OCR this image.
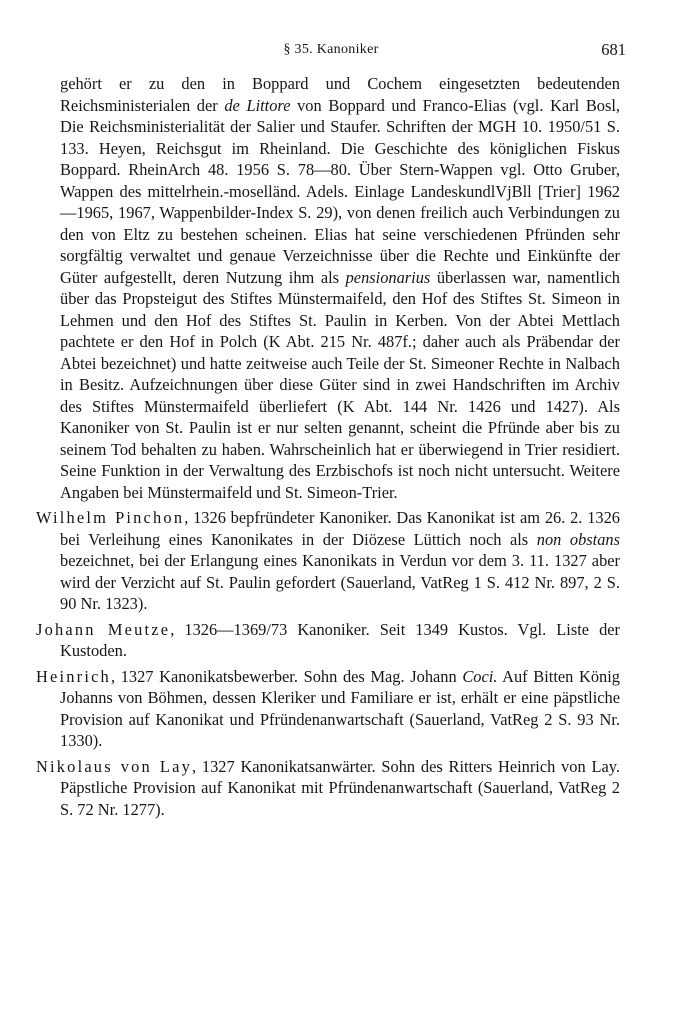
§ 35. Kanoniker	681

gehört er zu den in Boppard und Cochem eingesetzten bedeutenden Reichsministerialen der de Littore von Boppard und Franco-Elias (vgl. Karl Bosl, Die Reichsministerialität der Salier und Staufer. Schriften der MGH 10. 1950/51 S. 133. Heyen, Reichsgut im Rheinland. Die Geschichte des königlichen Fiskus Boppard. RheinArch 48. 1956 S. 78—80. Über Stern-Wappen vgl. Otto Gruber, Wappen des mittelrhein.-moselländ. Adels. Einlage LandeskundlVjBll [Trier] 1962—1965, 1967, Wappenbilder-Index S. 29), von denen freilich auch Verbindungen zu den von Eltz zu bestehen scheinen. Elias hat seine verschiedenen Pfründen sehr sorgfältig verwaltet und genaue Verzeichnisse über die Rechte und Einkünfte der Güter aufgestellt, deren Nutzung ihm als pensionarius überlassen war, namentlich über das Propsteigut des Stiftes Münstermaifeld, den Hof des Stiftes St. Simeon in Lehmen und den Hof des Stiftes St. Paulin in Kerben. Von der Abtei Mettlach pachtete er den Hof in Polch (K Abt. 215 Nr. 487f.; daher auch als Präbendar der Abtei bezeichnet) und hatte zeitweise auch Teile der St. Simeoner Rechte in Nalbach in Besitz. Aufzeichnungen über diese Güter sind in zwei Handschriften im Archiv des Stiftes Münstermaifeld überliefert (K Abt. 144 Nr. 1426 und 1427). Als Kanoniker von St. Paulin ist er nur selten genannt, scheint die Pfründe aber bis zu seinem Tod behalten zu haben. Wahrscheinlich hat er überwiegend in Trier residiert. Seine Funktion in der Verwaltung des Erzbischofs ist noch nicht untersucht. Weitere Angaben bei Münstermaifeld und St. Simeon-Trier.

Wilhelm Pinchon, 1326 bepfründeter Kanoniker. Das Kanonikat ist am 26. 2. 1326 bei Verleihung eines Kanonikates in der Diözese Lüttich noch als non obstans bezeichnet, bei der Erlangung eines Kanonikats in Verdun vor dem 3. 11. 1327 aber wird der Verzicht auf St. Paulin gefordert (Sauerland, VatReg 1 S. 412 Nr. 897, 2 S. 90 Nr. 1323).

Johann Meutze, 1326—1369/73 Kanoniker. Seit 1349 Kustos. Vgl. Liste der Kustoden.

Heinrich, 1327 Kanonikatsbewerber. Sohn des Mag. Johann Coci. Auf Bitten König Johanns von Böhmen, dessen Kleriker und Familiare er ist, erhält er eine päpstliche Provision auf Kanonikat und Pfründenanwartschaft (Sauerland, VatReg 2 S. 93 Nr. 1330).

Nikolaus von Lay, 1327 Kanonikatsanwärter. Sohn des Ritters Heinrich von Lay. Päpstliche Provision auf Kanonikat mit Pfründenanwartschaft (Sauerland, VatReg 2 S. 72 Nr. 1277).
